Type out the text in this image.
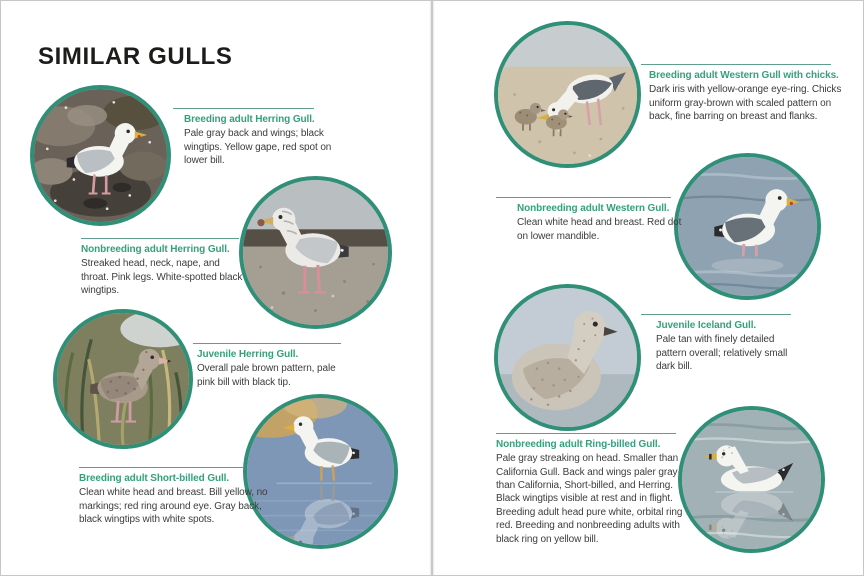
SIMILAR GULLS
Breeding adult Herring Gull.

Pale gray back and wings; black wingtips. Yellow gape, red spot on lower bill.

Nonbreeding adult Herring Gull.

Streaked head, neck, nape, and throat. Pink legs. White-spotted black wingtips.

Juvenile Herring Gull.

Overall pale brown pattern, pale pink bill with black tip.

Breeding adult Short-billed Gull.

Clean white head and breast. Bill yellow, no markings; red ring around eye. Gray back, black wingtips with white spots.

Breeding adult Western Gull with chicks.

Dark iris with yellow-orange eye-ring. Chicks uniform gray-brown with scaled pattern on back, fine barring on breast and flanks.

Nonbreeding adult Western Gull.

Clean white head and breast. Red dot on lower mandible.

Juvenile Iceland Gull.

Pale tan with finely detailed pattern overall; relatively small dark bill.

Nonbreeding adult Ring-billed Gull.

Pale gray streaking on head. Smaller than California Gull. Back and wings paler gray than California, Short-billed, and Herring. Black wingtips visible at rest and in flight. Breeding adult head pure white, orbital ring red. Breeding and nonbreeding adults with black ring on yellow bill.
